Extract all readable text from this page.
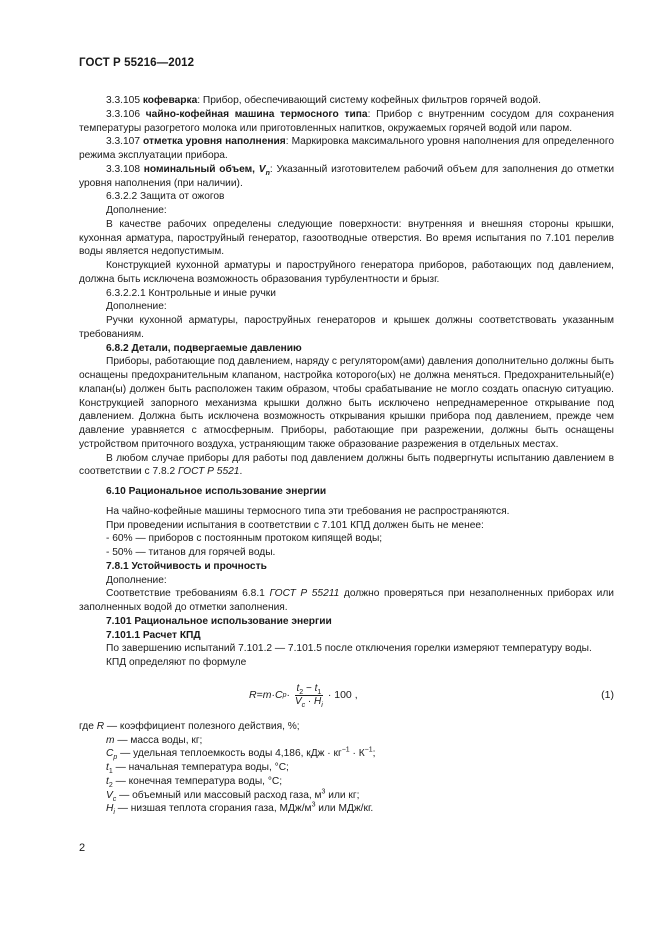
ГОСТ Р 55216—2012

3.3.105 кофеварка: Прибор, обеспечивающий систему кофейных фильтров горячей водой.

3.3.106 чайно-кофейная машина термосного типа: Прибор с внутренним сосудом для сохранения температуры разогретого молока или приготовленных напитков, окружаемых горячей водой или паром.

3.3.107 отметка уровня наполнения: Маркировка максимального уровня наполнения для определенного режима эксплуатации прибора.

3.3.108 номинальный объем, $V_n$: Указанный изготовителем рабочий объем для заполнения до отметки уровня наполнения (при наличии).

6.3.2.2 Защита от ожогов

Дополнение:

В качестве рабочих определены следующие поверхности: внутренняя и внешняя стороны крышки, кухонная арматура, пароструйный генератор, газоотводные отверстия. Во время испытания по 7.101 перелив воды является недопустимым.

Конструкцией кухонной арматуры и пароструйного генератора приборов, работающих под давлением, должна быть исключена возможность образования турбулентности и брызг.

6.3.2.2.1 Контрольные и иные ручки

Дополнение:

Ручки кухонной арматуры, пароструйных генераторов и крышек должны соответствовать указанным требованиям.

6.8.2 Детали, подвергаемые давлению

Приборы, работающие под давлением, наряду с регулятором(ами) давления дополнительно должны быть оснащены предохранительным клапаном, настройка которого(ых) не должна меняться. Предохранительный(е) клапан(ы) должен быть расположен таким образом, чтобы срабатывание не могло создать опасную ситуацию. Конструкцией запорного механизма крышки должно быть исключено непреднамеренное открывание под давлением. Должна быть исключена возможность открывания крышки прибора под давлением, прежде чем давление уравняется с атмосферным. Приборы, работающие при разрежении, должны быть оснащены устройством приточного воздуха, устраняющим также образование разрежения в отдельных местах.

В любом случае приборы для работы под давлением должны быть подвергнуты испытанию давлением в соответствии с 7.8.2 ГОСТ Р 5521.

6.10 Рациональное использование энергии

На чайно-кофейные машины термосного типа эти требования не распространяются.

При проведении испытания в соответствии с 7.101 КПД должен быть не менее:

- 60% — приборов с постоянным протоком кипящей воды;

- 50% — титанов для горячей воды.

7.8.1 Устойчивость и прочность

Дополнение:

Соответствие требованиям 6.8.1 ГОСТ Р 55211 должно проверяться при незаполненных приборах или заполненных водой до отметки заполнения.

7.101 Рациональное использование энергии

7.101.1 Расчет КПД

По завершению испытаний 7.101.2 — 7.101.5 после отключения горелки измеряют температуру воды.

КПД определяют по формуле

R = m · C $p \cdot \frac{t_2 - t_1}{V_c \cdot H_i} \cdot 100$ ,	(1)

где R — коэффициент полезного действия, %;

m — масса воды, кг;

$C_p$ — удельная теплоемкость воды 4,186, кДж · $кг^{-1} \cdot К^{-1}$;

$t_1$ — начальная температура воды, °C;

$t_2$ — конечная температура воды, °C;

$V_c$ — объемный или массовый расход газа, $м^3$ или кг;

$H_i$ — низшая теплота сгорания газа, МДж/$м^3$ или МДж/кг.

2
